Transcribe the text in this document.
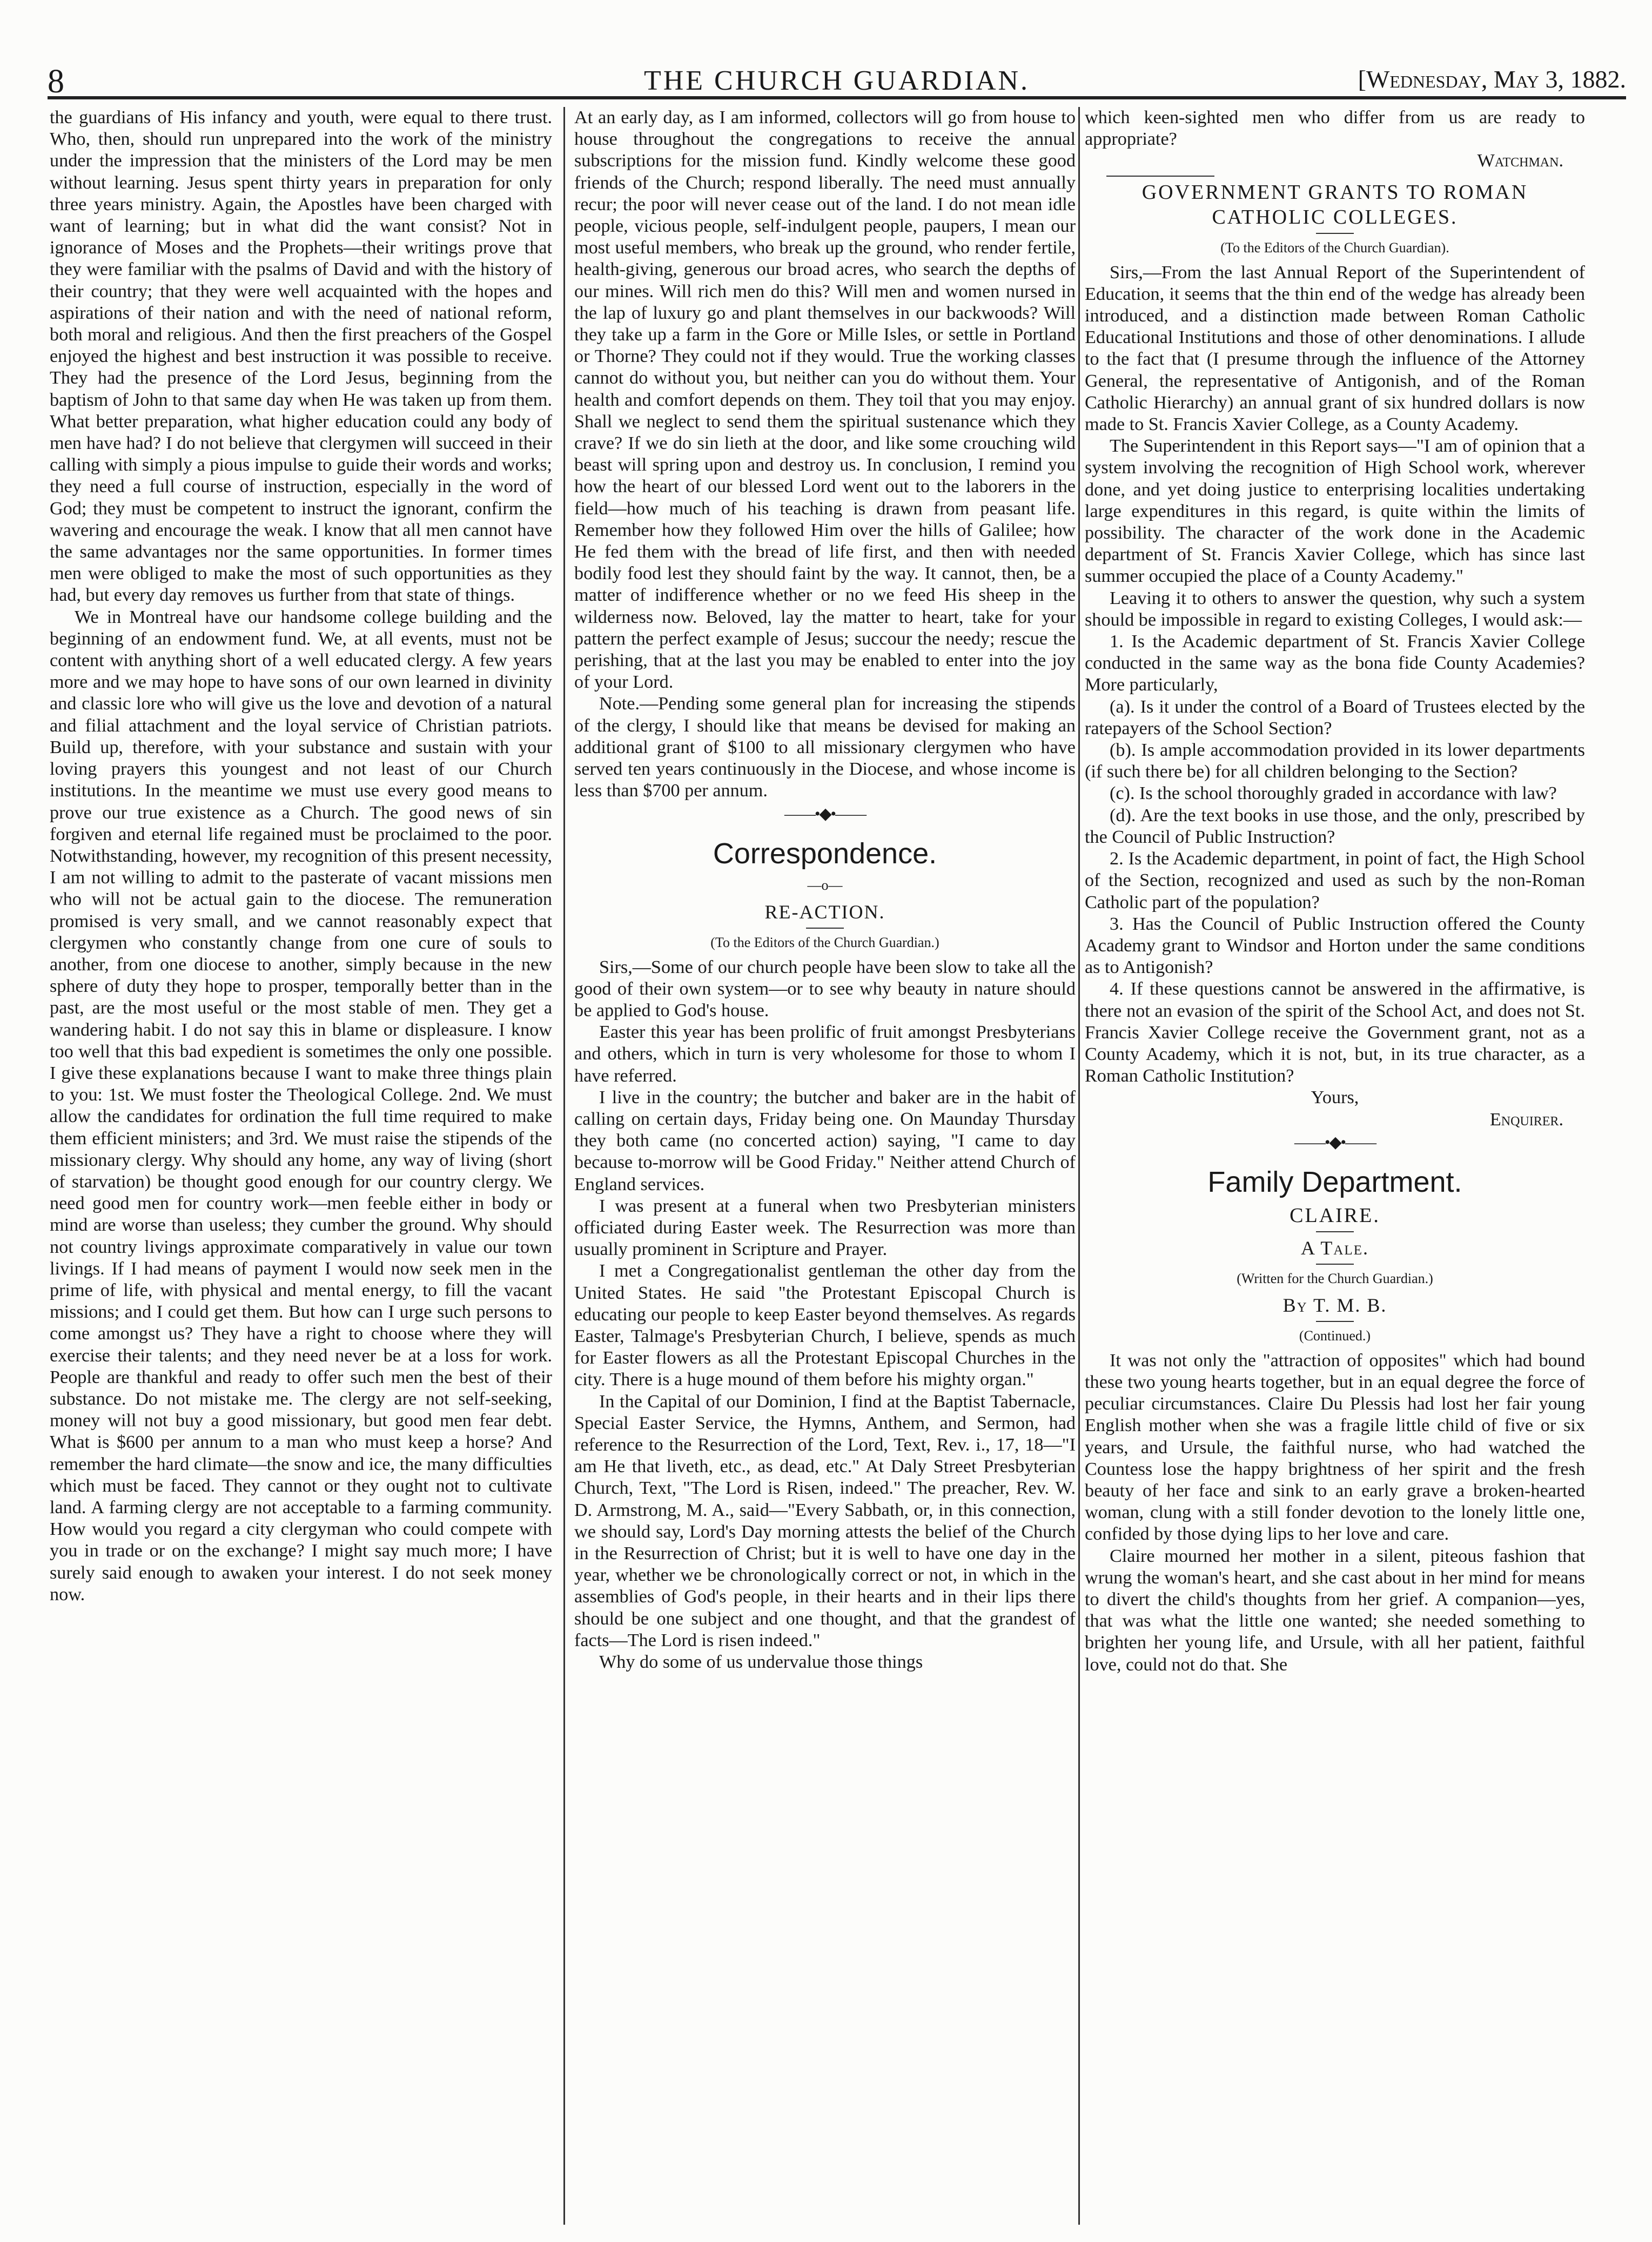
8	THE CHURCH GUARDIAN.	[Wednesday, May 3, 1882.

the guardians of His infancy and youth, were equal to there trust. Who, then, should run unprepared into the work of the ministry under the impression that the ministers of the Lord may be men without learning. Jesus spent thirty years in preparation for only three years ministry. Again, the Apostles have been charged with want of learning; but in what did the want consist? Not in ignorance of Moses and the Prophets—their writings prove that they were familiar with the psalms of David and with the history of their country; that they were well acquainted with the hopes and aspirations of their nation and with the need of national reform, both moral and religious. And then the first preachers of the Gospel enjoyed the highest and best instruction it was possible to receive. They had the presence of the Lord Jesus, beginning from the baptism of John to that same day when He was taken up from them. What better preparation, what higher education could any body of men have had? I do not believe that clergymen will succeed in their calling with simply a pious impulse to guide their words and works; they need a full course of instruction, especially in the word of God; they must be competent to instruct the ignorant, confirm the wavering and encourage the weak. I know that all men cannot have the same advantages nor the same opportunities. In former times men were obliged to make the most of such opportunities as they had, but every day removes us further from that state of things.

We in Montreal have our handsome college building and the beginning of an endowment fund. We, at all events, must not be content with anything short of a well educated clergy. A few years more and we may hope to have sons of our own learned in divinity and classic lore who will give us the love and devotion of a natural and filial attachment and the loyal service of Christian patriots. Build up, therefore, with your substance and sustain with your loving prayers this youngest and not least of our Church institutions. In the meantime we must use every good means to prove our true existence as a Church. The good news of sin forgiven and eternal life regained must be proclaimed to the poor. Notwithstanding, however, my recognition of this present necessity, I am not willing to admit to the pasterate of vacant missions men who will not be actual gain to the diocese. The remuneration promised is very small, and we cannot reasonably expect that clergymen who constantly change from one cure of souls to another, from one diocese to another, simply because in the new sphere of duty they hope to prosper, temporally better than in the past, are the most useful or the most stable of men. They get a wandering habit. I do not say this in blame or displeasure. I know too well that this bad expedient is sometimes the only one possible. I give these explanations because I want to make three things plain to you: 1st. We must foster the Theological College. 2nd. We must allow the candidates for ordination the full time required to make them efficient ministers; and 3rd. We must raise the stipends of the missionary clergy. Why should any home, any way of living (short of starvation) be thought good enough for our country clergy. We need good men for country work—men feeble either in body or mind are worse than useless; they cumber the ground. Why should not country livings approximate comparatively in value our town livings. If I had means of payment I would now seek men in the prime of life, with physical and mental energy, to fill the vacant missions; and I could get them. But how can I urge such persons to come amongst us? They have a right to choose where they will exercise their talents; and they need never be at a loss for work. People are thankful and ready to offer such men the best of their substance. Do not mistake me. The clergy are not self-seeking, money will not buy a good missionary, but good men fear debt. What is $600 per annum to a man who must keep a horse? And remember the hard climate—the snow and ice, the many difficulties which must be faced. They cannot or they ought not to cultivate land. A farming clergy are not acceptable to a farming community. How would you regard a city clergyman who could compete with you in trade or on the exchange? I might say much more; I have surely said enough to awaken your interest. I do not seek money now.

At an early day, as I am informed, collectors will go from house to house throughout the congregations to receive the annual subscriptions for the mission fund. Kindly welcome these good friends of the Church; respond liberally. The need must annually recur; the poor will never cease out of the land. I do not mean idle people, vicious people, self-indulgent people, paupers, I mean our most useful members, who break up the ground, who render fertile, health-giving, generous our broad acres, who search the depths of our mines. Will rich men do this? Will men and women nursed in the lap of luxury go and plant themselves in our backwoods? Will they take up a farm in the Gore or Mille Isles, or settle in Portland or Thorne? They could not if they would. True the working classes cannot do without you, but neither can you do without them. Your health and comfort depends on them. They toil that you may enjoy. Shall we neglect to send them the spiritual sustenance which they crave? If we do sin lieth at the door, and like some crouching wild beast will spring upon and destroy us. In conclusion, I remind you how the heart of our blessed Lord went out to the laborers in the field—how much of his teaching is drawn from peasant life. Remember how they followed Him over the hills of Galilee; how He fed them with the bread of life first, and then with needed bodily food lest they should faint by the way. It cannot, then, be a matter of indifference whether or no we feed His sheep in the wilderness now. Beloved, lay the matter to heart, take for your pattern the perfect example of Jesus; succour the needy; rescue the perishing, that at the last you may be enabled to enter into the joy of your Lord.

Note.—Pending some general plan for increasing the stipends of the clergy, I should like that means be devised for making an additional grant of $100 to all missionary clergymen who have served ten years continuously in the Diocese, and whose income is less than $700 per annum.

——•◆•——
Correspondence.
—o—
RE-ACTION.
(To the Editors of the Church Guardian.)

Sirs,—Some of our church people have been slow to take all the good of their own system—or to see why beauty in nature should be applied to God's house.

Easter this year has been prolific of fruit amongst Presbyterians and others, which in turn is very wholesome for those to whom I have referred.

I live in the country; the butcher and baker are in the habit of calling on certain days, Friday being one. On Maunday Thursday they both came (no concerted action) saying, "I came to day because to-morrow will be Good Friday." Neither attend Church of England services.

I was present at a funeral when two Presbyterian ministers officiated during Easter week. The Resurrection was more than usually prominent in Scripture and Prayer.

I met a Congregationalist gentleman the other day from the United States. He said "the Protestant Episcopal Church is educating our people to keep Easter beyond themselves. As regards Easter, Talmage's Presbyterian Church, I believe, spends as much for Easter flowers as all the Protestant Episcopal Churches in the city. There is a huge mound of them before his mighty organ."

In the Capital of our Dominion, I find at the Baptist Tabernacle, Special Easter Service, the Hymns, Anthem, and Sermon, had reference to the Resurrection of the Lord, Text, Rev. i., 17, 18—"I am He that liveth, etc., as dead, etc." At Daly Street Presbyterian Church, Text, "The Lord is Risen, indeed." The preacher, Rev. W. D. Armstrong, M. A., said—"Every Sabbath, or, in this connection, we should say, Lord's Day morning attests the belief of the Church in the Resurrection of Christ; but it is well to have one day in the year, whether we be chronologically correct or not, in which in the assemblies of God's people, in their hearts and in their lips there should be one subject and one thought, and that the grandest of facts—The Lord is risen indeed."

Why do some of us undervalue those things

which keen-sighted men who differ from us are ready to appropriate?

Watchman.

GOVERNMENT GRANTS TO ROMAN CATHOLIC COLLEGES.
(To the Editors of the Church Guardian).

Sirs,—From the last Annual Report of the Superintendent of Education, it seems that the thin end of the wedge has already been introduced, and a distinction made between Roman Catholic Educational Institutions and those of other denominations. I allude to the fact that (I presume through the influence of the Attorney General, the representative of Antigonish, and of the Roman Catholic Hierarchy) an annual grant of six hundred dollars is now made to St. Francis Xavier College, as a County Academy.

The Superintendent in this Report says—"I am of opinion that a system involving the recognition of High School work, wherever done, and yet doing justice to enterprising localities undertaking large expenditures in this regard, is quite within the limits of possibility. The character of the work done in the Academic department of St. Francis Xavier College, which has since last summer occupied the place of a County Academy."

Leaving it to others to answer the question, why such a system should be impossible in regard to existing Colleges, I would ask:—

1. Is the Academic department of St. Francis Xavier College conducted in the same way as the bona fide County Academies? More particularly,

(a). Is it under the control of a Board of Trustees elected by the ratepayers of the School Section?

(b). Is ample accommodation provided in its lower departments (if such there be) for all children belonging to the Section?

(c). Is the school thoroughly graded in accordance with law?

(d). Are the text books in use those, and the only, prescribed by the Council of Public Instruction?

2. Is the Academic department, in point of fact, the High School of the Section, recognized and used as such by the non-Roman Catholic part of the population?

3. Has the Council of Public Instruction offered the County Academy grant to Windsor and Horton under the same conditions as to Antigonish?

4. If these questions cannot be answered in the affirmative, is there not an evasion of the spirit of the School Act, and does not St. Francis Xavier College receive the Government grant, not as a County Academy, which it is not, but, in its true character, as a Roman Catholic Institution?

Yours,

Enquirer.

——•◆•——
Family Department.
CLAIRE.
A Tale.
(Written for the Church Guardian.)
By T. M. B.
(Continued.)

It was not only the "attraction of opposites" which had bound these two young hearts together, but in an equal degree the force of peculiar circumstances. Claire Du Plessis had lost her fair young English mother when she was a fragile little child of five or six years, and Ursule, the faithful nurse, who had watched the Countess lose the happy brightness of her spirit and the fresh beauty of her face and sink to an early grave a broken-hearted woman, clung with a still fonder devotion to the lonely little one, confided by those dying lips to her love and care.

Claire mourned her mother in a silent, piteous fashion that wrung the woman's heart, and she cast about in her mind for means to divert the child's thoughts from her grief. A companion—yes, that was what the little one wanted; she needed something to brighten her young life, and Ursule, with all her patient, faithful love, could not do that. She
